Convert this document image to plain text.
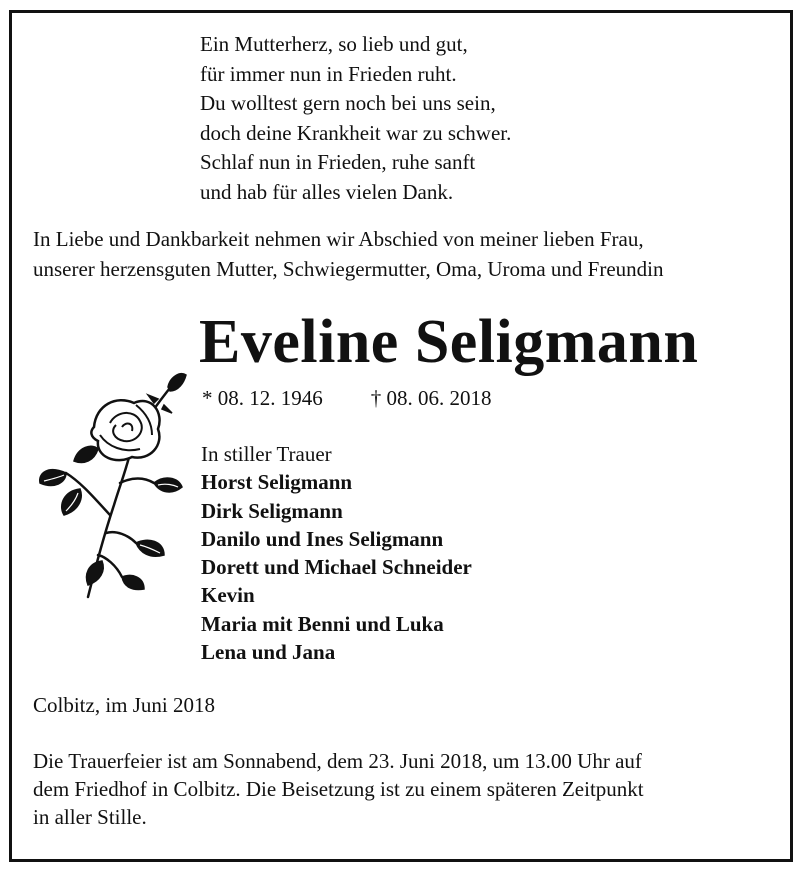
Ein Mutterherz, so lieb und gut,
für immer nun in Frieden ruht.
Du wolltest gern noch bei uns sein,
doch deine Krankheit war zu schwer.
Schlaf nun in Frieden, ruhe sanft
und hab für alles vielen Dank.
In Liebe und Dankbarkeit nehmen wir Abschied von meiner lieben Frau,
unserer herzensguten Mutter, Schwiegermutter, Oma, Uroma und Freundin
Eveline Seligmann
* 08. 12. 1946 † 08. 06. 2018
In stiller Trauer
Horst Seligmann
Dirk Seligmann
Danilo und Ines Seligmann
Dorett und Michael Schneider
Kevin
Maria mit Benni und Luka
Lena und Jana
Colbitz, im Juni 2018
Die Trauerfeier ist am Sonnabend, dem 23. Juni 2018, um 13.00 Uhr auf
dem Friedhof in Colbitz. Die Beisetzung ist zu einem späteren Zeitpunkt
in aller Stille.
